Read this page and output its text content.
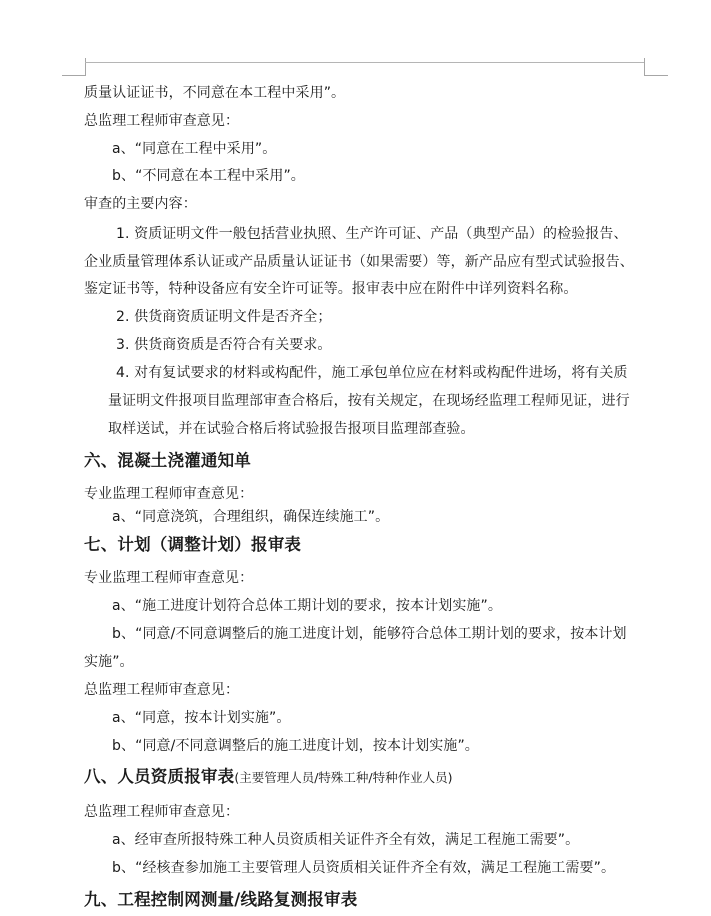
质量认证证书，不同意在本工程中采用”。
总监理工程师审查意见：
a、“同意在工程中采用”。
b、“不同意在本工程中采用”。
审查的主要内容：
1. 资质证明文件一般包括营业执照、生产许可证、产品（典型产品）的检验报告、
企业质量管理体系认证或产品质量认证证书（如果需要）等，新产品应有型式试验报告、
鉴定证书等，特种设备应有安全许可证等。报审表中应在附件中详列资料名称。
2. 供货商资质证明文件是否齐全；
3. 供货商资质是否符合有关要求。
4. 对有复试要求的材料或构配件，施工承包单位应在材料或构配件进场，将有关质
量证明文件报项目监理部审查合格后，按有关规定，在现场经监理工程师见证，进行
取样送试，并在试验合格后将试验报告报项目监理部查验。
六、混凝土浇灌通知单
专业监理工程师审查意见：
a、“同意浇筑，合理组织，确保连续施工”。
七、计划（调整计划）报审表
专业监理工程师审查意见：
a、“施工进度计划符合总体工期计划的要求，按本计划实施”。
b、“同意/不同意调整后的施工进度计划，能够符合总体工期计划的要求，按本计划
实施”。
总监理工程师审查意见：
a、“同意，按本计划实施”。
b、“同意/不同意调整后的施工进度计划，按本计划实施”。
八、人员资质报审表(主要管理人员/特殊工种/特种作业人员)
总监理工程师审查意见：
a、经审查所报特殊工种人员资质相关证件齐全有效，满足工程施工需要”。
b、“经核查参加施工主要管理人员资质相关证件齐全有效，满足工程施工需要”。
九、工程控制网测量/线路复测报审表
